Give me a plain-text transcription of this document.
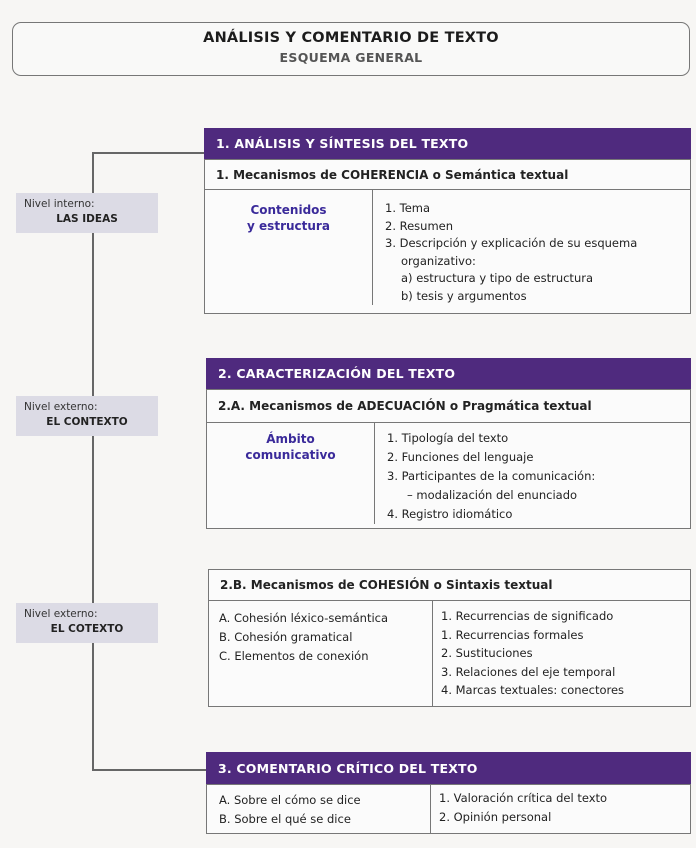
ANÁLISIS Y COMENTARIO DE TEXTO
ESQUEMA GENERAL
Nivel interno:
LAS IDEAS
Nivel externo:
EL CONTEXTO
Nivel externo:
EL COTEXTO
1. ANÁLISIS Y SÍNTESIS DEL TEXTO
1. Mecanismos de COHERENCIA o Semántica textual
Contenidos
y estructura
1. Tema
2. Resumen
3. Descripción y explicación de su esquema
organizativo:
a) estructura y tipo de estructura
b) tesis y argumentos
2. CARACTERIZACIÓN DEL TEXTO
2.A. Mecanismos de ADECUACIÓN o Pragmática textual
Ámbito
comunicativo
1. Tipología del texto
2. Funciones del lenguaje
3. Participantes de la comunicación:
– modalización del enunciado
4. Registro idiomático
2.B. Mecanismos de COHESIÓN o Sintaxis textual
A. Cohesión léxico-semántica
B. Cohesión gramatical
C. Elementos de conexión
1. Recurrencias de significado
1. Recurrencias formales
2. Sustituciones
3. Relaciones del eje temporal
4. Marcas textuales: conectores
3. COMENTARIO CRÍTICO DEL TEXTO
A. Sobre el cómo se dice
B. Sobre el qué se dice
1. Valoración crítica del texto
2. Opinión personal
